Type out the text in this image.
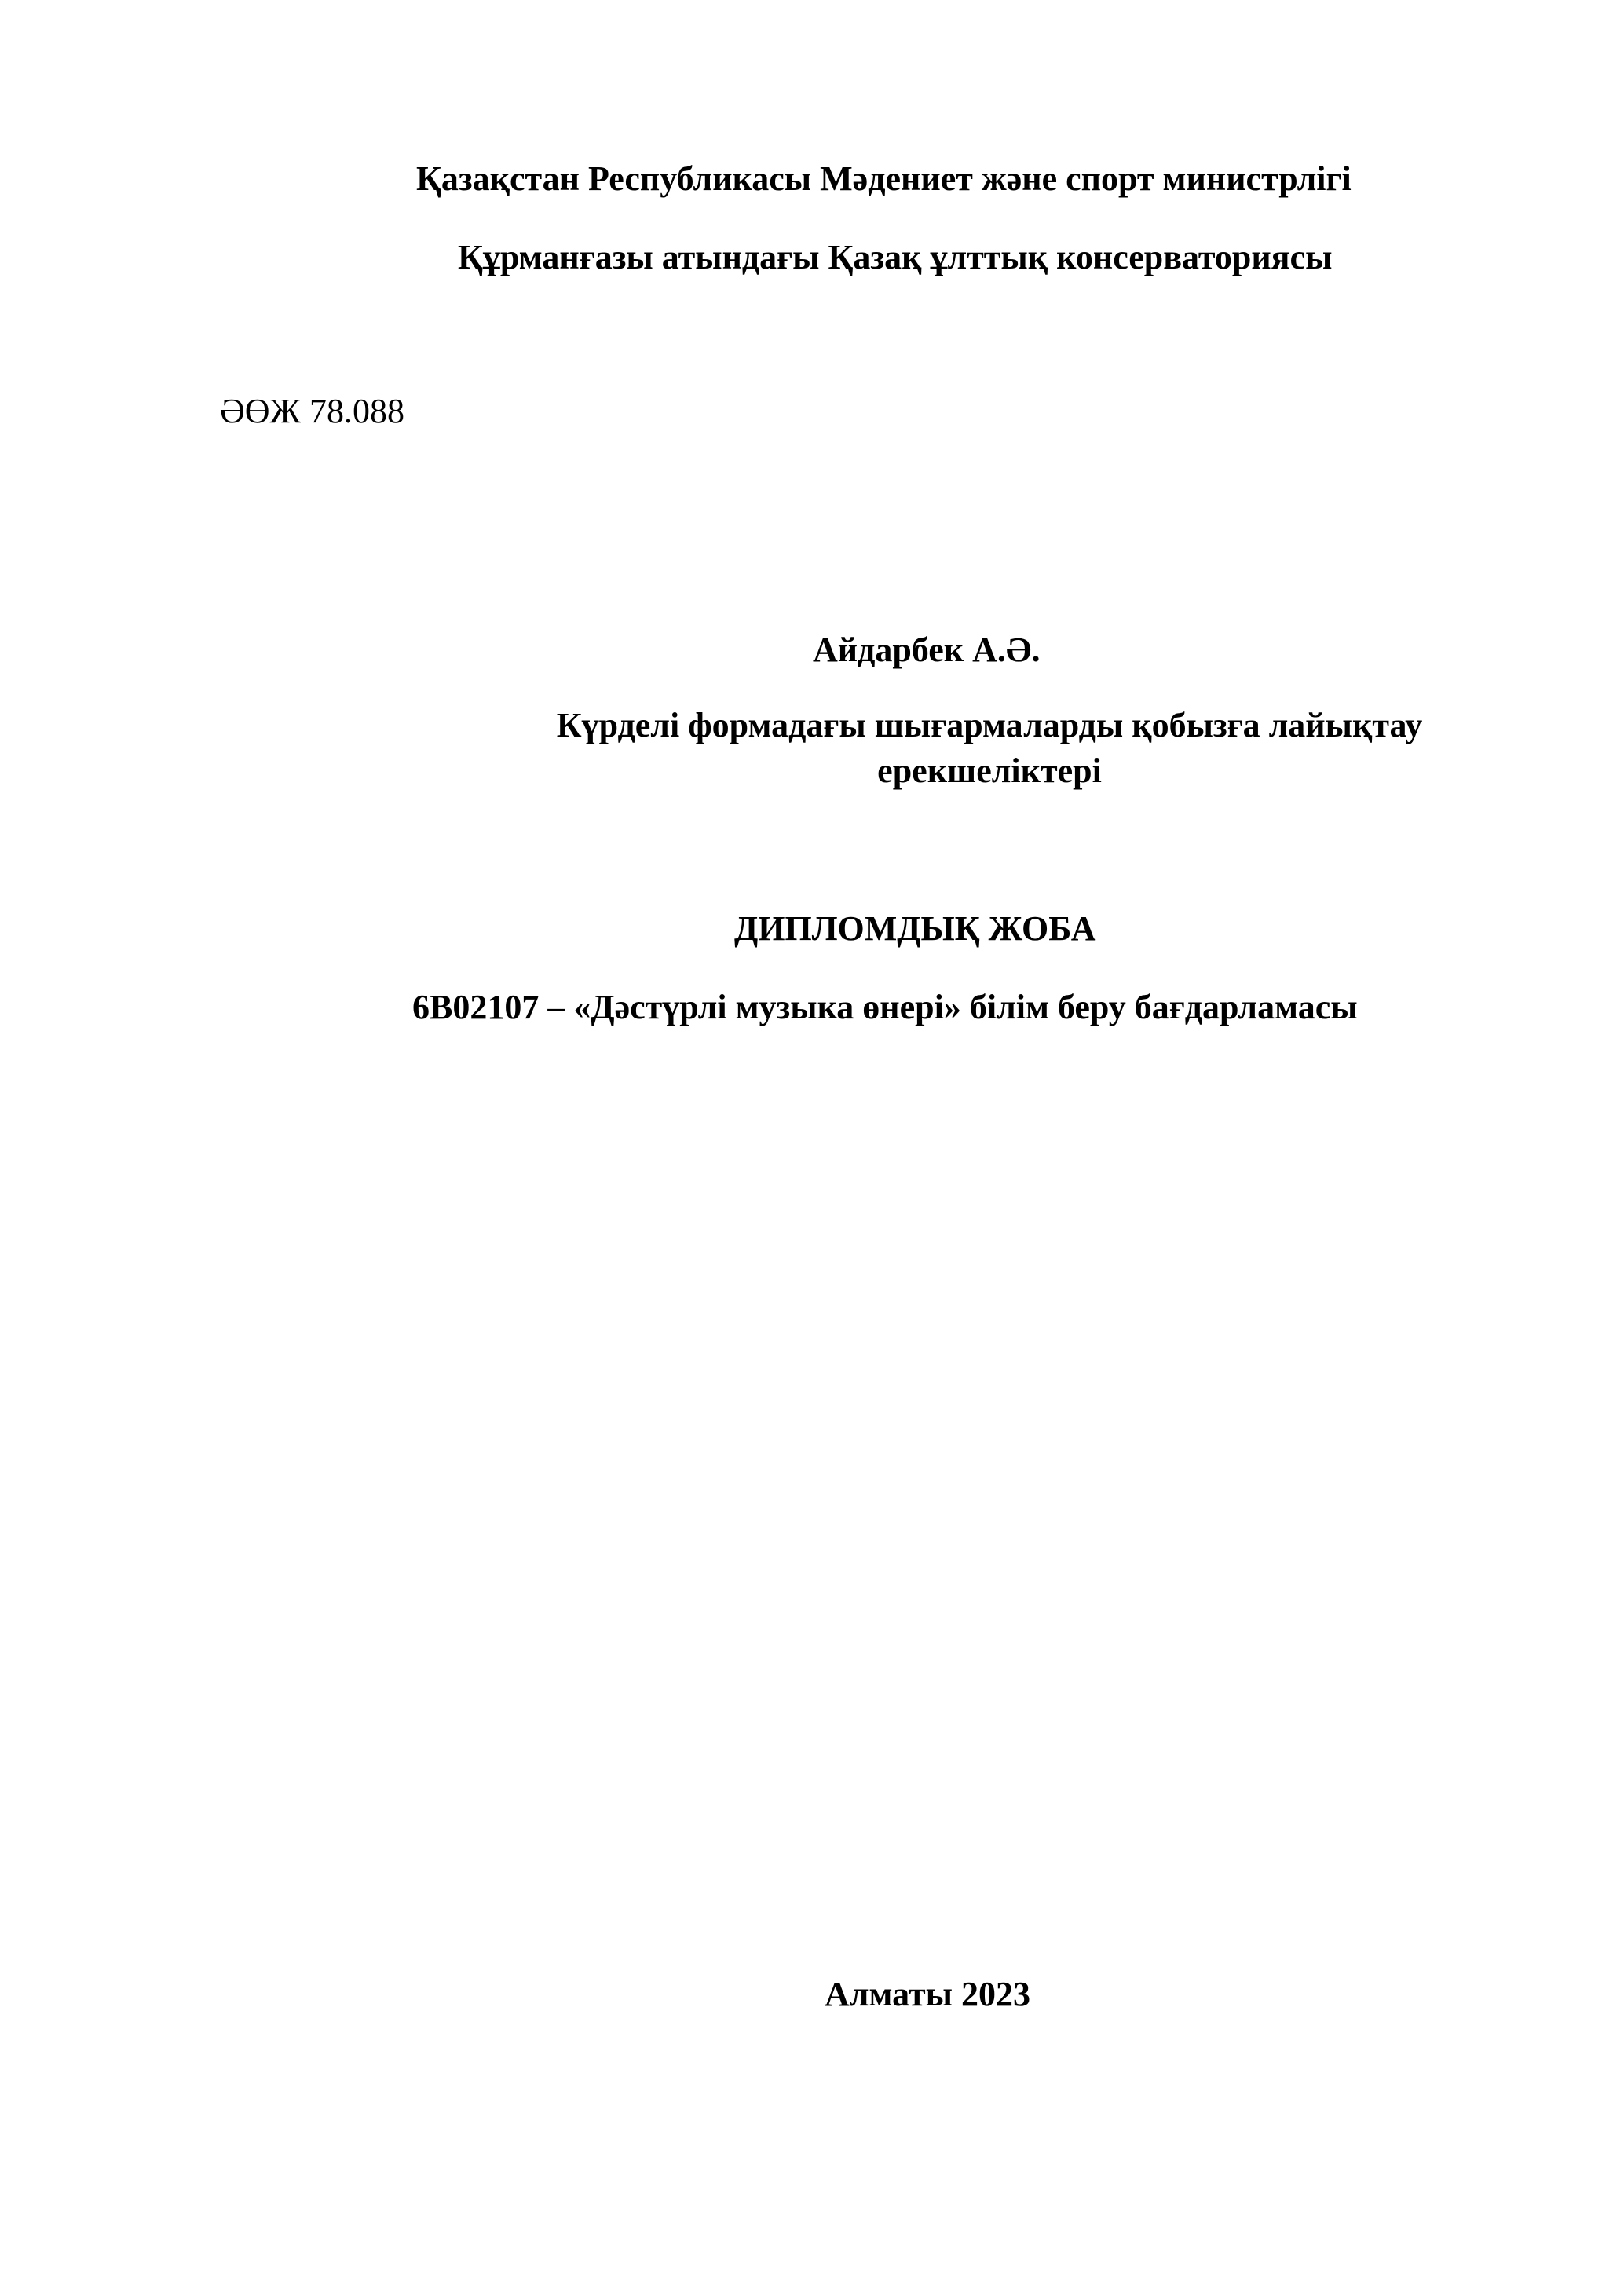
Қазақстан Республикасы Мәдениет және спорт министрлігі
Құрманғазы атындағы Қазақ ұлттық консерваториясы
ӘӨЖ 78.088
Айдарбек А.Ә.
Күрделі формадағы шығармаларды қобызға лайықтау ерекшеліктері
ДИПЛОМДЫҚ ЖОБА
6B02107 – «Дәстүрлі музыка өнері» білім беру бағдарламасы
Алматы 2023
